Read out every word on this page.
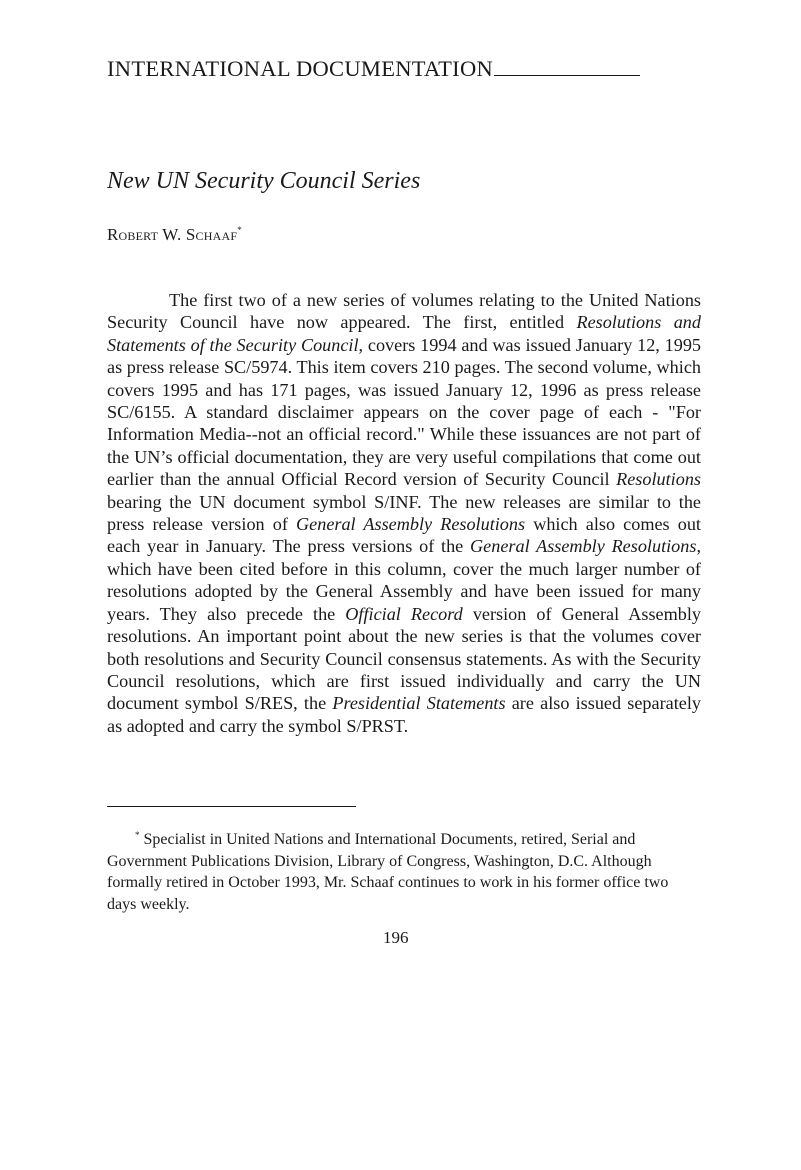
INTERNATIONAL DOCUMENTATION
New UN Security Council Series
Robert W. Schaaf*

The first two of a new series of volumes relating to the United Nations Security Council have now appeared. The first, entitled Resolutions and Statements of the Security Council, covers 1994 and was issued January 12, 1995 as press release SC/5974. This item covers 210 pages. The second volume, which covers 1995 and has 171 pages, was issued January 12, 1996 as press release SC/6155. A standard disclaimer appears on the cover page of each - "For Information Media--not an official record." While these issuances are not part of the UN’s official documentation, they are very useful compilations that come out earlier than the annual Official Record version of Security Council Resolutions bearing the UN document symbol S/INF. The new releases are similar to the press release version of General Assembly Resolutions which also comes out each year in January. The press versions of the General Assembly Resolutions, which have been cited before in this column, cover the much larger number of resolutions adopted by the General Assembly and have been issued for many years. They also precede the Official Record version of General Assembly resolutions. An important point about the new series is that the volumes cover both resolutions and Security Council consensus statements. As with the Security Council resolutions, which are first issued individually and carry the UN document symbol S/RES, the Presidential Statements are also issued separately as adopted and carry the symbol S/PRST.

* Specialist in United Nations and International Documents, retired, Serial and
Government Publications Division, Library of Congress, Washington, D.C. Although formally retired in October 1993, Mr. Schaaf continues to work in his former office two days weekly.

196
